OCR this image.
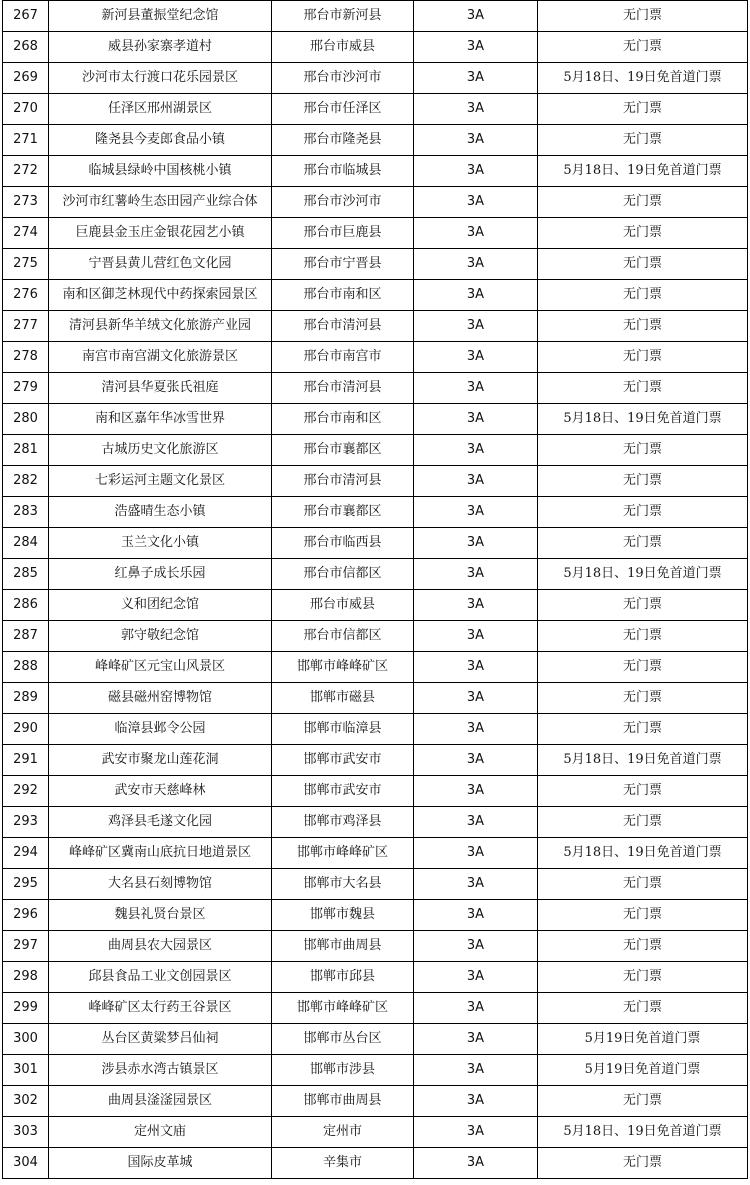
267	新河县董振堂纪念馆	邢台市新河县	3A	无门票
268	威县孙家寨孝道村	邢台市威县	3A	无门票
269	沙河市太行渡口花乐园景区	邢台市沙河市	3A	5月18日、19日免首道门票
270	任泽区邢州湖景区	邢台市任泽区	3A	无门票
271	隆尧县今麦郎食品小镇	邢台市隆尧县	3A	无门票
272	临城县绿岭中国核桃小镇	邢台市临城县	3A	5月18日、19日免首道门票
273	沙河市红薯岭生态田园产业综合体	邢台市沙河市	3A	无门票
274	巨鹿县金玉庄金银花园艺小镇	邢台市巨鹿县	3A	无门票
275	宁晋县黄儿营红色文化园	邢台市宁晋县	3A	无门票
276	南和区御芝林现代中药探索园景区	邢台市南和区	3A	无门票
277	清河县新华羊绒文化旅游产业园	邢台市清河县	3A	无门票
278	南宫市南宫湖文化旅游景区	邢台市南宫市	3A	无门票
279	清河县华夏张氏祖庭	邢台市清河县	3A	无门票
280	南和区嘉年华冰雪世界	邢台市南和区	3A	5月18日、19日免首道门票
281	古城历史文化旅游区	邢台市襄都区	3A	无门票
282	七彩运河主题文化景区	邢台市清河县	3A	无门票
283	浩盛晴生态小镇	邢台市襄都区	3A	无门票
284	玉兰文化小镇	邢台市临西县	3A	无门票
285	红鼻子成长乐园	邢台市信都区	3A	5月18日、19日免首道门票
286	义和团纪念馆	邢台市威县	3A	无门票
287	郭守敬纪念馆	邢台市信都区	3A	无门票
288	峰峰矿区元宝山风景区	邯郸市峰峰矿区	3A	无门票
289	磁县磁州窑博物馆	邯郸市磁县	3A	无门票
290	临漳县邺令公园	邯郸市临漳县	3A	无门票
291	武安市聚龙山莲花洞	邯郸市武安市	3A	5月18日、19日免首道门票
292	武安市天慈峰林	邯郸市武安市	3A	无门票
293	鸡泽县毛遂文化园	邯郸市鸡泽县	3A	无门票
294	峰峰矿区冀南山底抗日地道景区	邯郸市峰峰矿区	3A	5月18日、19日免首道门票
295	大名县石刻博物馆	邯郸市大名县	3A	无门票
296	魏县礼贤台景区	邯郸市魏县	3A	无门票
297	曲周县农大园景区	邯郸市曲周县	3A	无门票
298	邱县食品工业文创园景区	邯郸市邱县	3A	无门票
299	峰峰矿区太行药王谷景区	邯郸市峰峰矿区	3A	无门票
300	丛台区黄粱梦吕仙祠	邯郸市丛台区	3A	5月19日免首道门票
301	涉县赤水湾古镇景区	邯郸市涉县	3A	5月19日免首道门票
302	曲周县滏滏园景区	邯郸市曲周县	3A	无门票
303	定州文庙	定州市	3A	5月18日、19日免首道门票
304	国际皮革城	辛集市	3A	无门票
